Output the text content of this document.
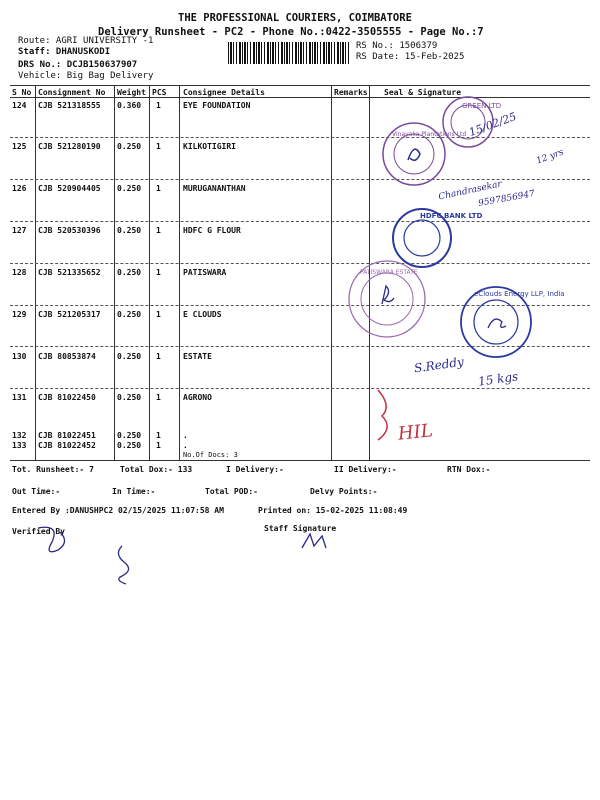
THE PROFESSIONAL COURIERS, COIMBATORE
Delivery Runsheet - PC2 - Phone No.:0422-3505555 - Page No.:7
Route: AGRI UNIVERSITY -1
Staff: DHANUSKODI
DRS No.: DCJB150637907
Vehicle: Big Bag Delivery
RS No.: 1506379
RS Date: 15-Feb-2025
S No Consignment No Weight PCS Consignee Details	Remarks Seal & Signature
124 CJB 521318555 0.360 1	EYE FOUNDATION
125 CJB 521280190 0.250 1	KILKOTIGIRI
126 CJB 520904405 0.250 1	MURUGANANTHAN
127 CJB 520530396 0.250 1	HDFC G FLOUR
128 CJB 521335652 0.250 1	PATISWARA
129 CJB 521205317 0.250 1	E CLOUDS
130 CJB 80853874	0.250 1	ESTATE
131 CJB 81022450	0.250 1	AGRONO
132 CJB 81022451	0.250 1	.
133 CJB 81022452	0.250 1	.
No.Of Docs: 3
Tot. Runsheet:- 7	Total Dox:- 133	I Delivery:-	II Delivery:-	RTN Dox:-
Out Time:-	In Time:-	Total POD:-	Delvy Points:-
Entered By :DANUSHPC2 02/15/2025 11:07:58 AM	Printed on: 15-02-2025 11:08:49
Verified By	Staff Signature
GREEN LTD
Vinayaka Plantations Ltd
HDFC BANK LTD
PATISWARA ESTATE
eClouds Energy LLP, India
15/02/25
12 yrs
Chandrasekar
9597856947
S.Reddy
15 kgs
HIL
